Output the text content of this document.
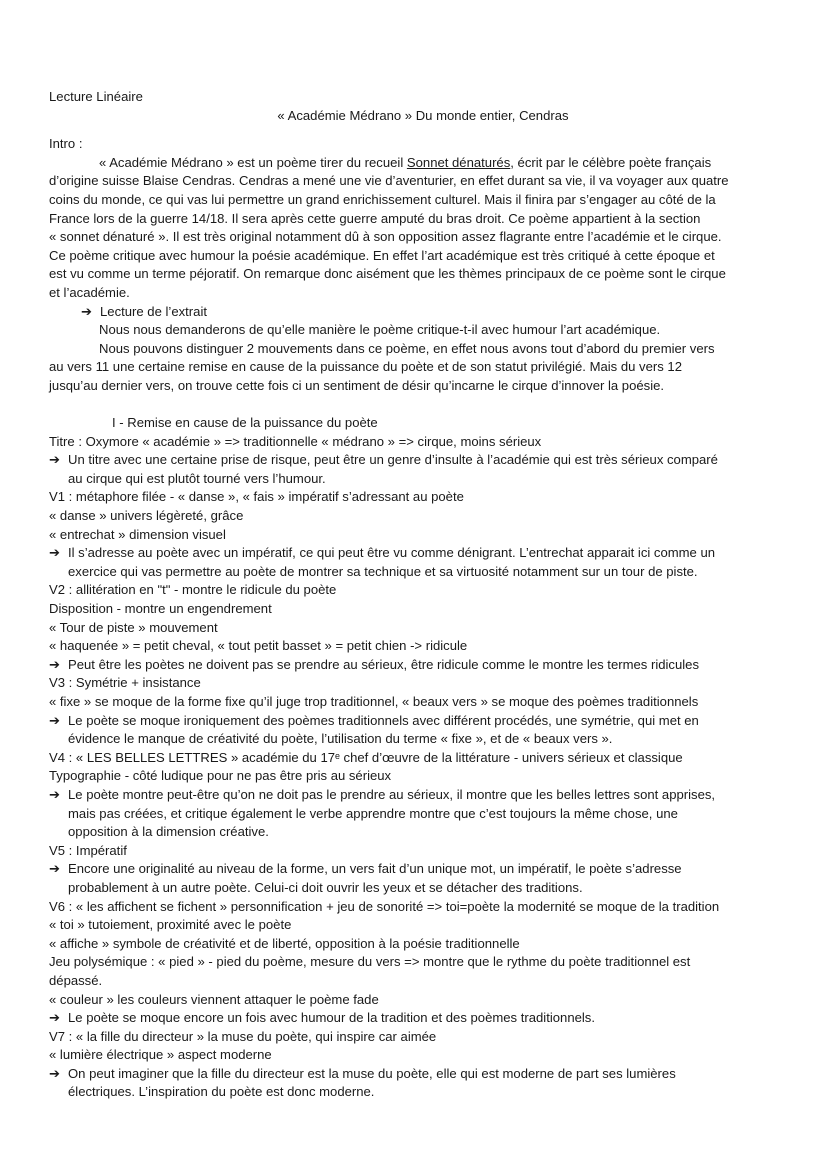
Lecture Linéaire
« Académie Médrano » Du monde entier, Cendras
Intro :
« Académie Médrano » est un poème tirer du recueil Sonnet dénaturés, écrit par le célèbre poète français
d’origine suisse Blaise Cendras. Cendras a mené une vie d’aventurier, en effet durant sa vie, il va voyager aux quatre
coins du monde, ce qui vas lui permettre un grand enrichissement culturel. Mais il finira par s’engager au côté de la
France lors de la guerre 14/18. Il sera après cette guerre amputé du bras droit. Ce poème appartient à la section
« sonnet dénaturé ». Il est très original notamment dû à son opposition assez flagrante entre l’académie et le cirque.
Ce poème critique avec humour la poésie académique. En effet l’art académique est très critiqué à cette époque et
est vu comme un terme péjoratif. On remarque donc aisément que les thèmes principaux de ce poème sont le cirque
et l’académie.
➔ Lecture de l’extrait
Nous nous demanderons de qu’elle manière le poème critique-t-il avec humour l’art académique.
Nous pouvons distinguer 2 mouvements dans ce poème, en effet nous avons tout d’abord du premier vers
au vers 11 une certaine remise en cause de la puissance du poète et de son statut privilégié. Mais du vers 12
jusqu’au dernier vers, on trouve cette fois ci un sentiment de désir qu’incarne le cirque d’innover la poésie.
I - Remise en cause de la puissance du poète
Titre : Oxymore « académie » => traditionnelle « médrano » => cirque, moins sérieux
➔ Un titre avec une certaine prise de risque, peut être un genre d’insulte à l’académie qui est très sérieux comparé
au cirque qui est plutôt tourné vers l’humour.
V1 : métaphore filée - « danse », « fais » impératif s’adressant au poète
« danse » univers légèreté, grâce
« entrechat » dimension visuel
➔ Il s’adresse au poète avec un impératif, ce qui peut être vu comme dénigrant. L’entrechat apparait ici comme un
exercice qui vas permettre au poète de montrer sa technique et sa virtuosité notamment sur un tour de piste.
V2 : allitération en ʺtʺ - montre le ridicule du poète
Disposition - montre un engendrement
« Tour de piste » mouvement
« haquenée » = petit cheval, « tout petit basset » = petit chien -> ridicule
➔ Peut être les poètes ne doivent pas se prendre au sérieux, être ridicule comme le montre les termes ridicules
V3 : Symétrie + insistance
« fixe » se moque de la forme fixe qu’il juge trop traditionnel, « beaux vers » se moque des poèmes traditionnels
➔ Le poète se moque ironiquement des poèmes traditionnels avec différent procédés, une symétrie, qui met en
évidence le manque de créativité du poète, l’utilisation du terme « fixe », et de « beaux vers ».
V4 : « LES BELLES LETTRES » académie du 17ᵉ chef d’œuvre de la littérature - univers sérieux et classique
Typographie - côté ludique pour ne pas être pris au sérieux
➔ Le poète montre peut-être qu’on ne doit pas le prendre au sérieux, il montre que les belles lettres sont apprises,
mais pas créées, et critique également le verbe apprendre montre que c’est toujours la même chose, une
opposition à la dimension créative.
V5 : Impératif
➔ Encore une originalité au niveau de la forme, un vers fait d’un unique mot, un impératif, le poète s’adresse
probablement à un autre poète. Celui-ci doit ouvrir les yeux et se détacher des traditions.
V6 : « les affichent se fichent » personnification + jeu de sonorité => toi=poète la modernité se moque de la tradition
« toi » tutoiement, proximité avec le poète
« affiche » symbole de créativité et de liberté, opposition à la poésie traditionnelle
Jeu polysémique : « pied » - pied du poème, mesure du vers => montre que le rythme du poète traditionnel est
dépassé.
« couleur » les couleurs viennent attaquer le poème fade
➔ Le poète se moque encore un fois avec humour de la tradition et des poèmes traditionnels.
V7 : « la fille du directeur » la muse du poète, qui inspire car aimée
« lumière électrique » aspect moderne
➔ On peut imaginer que la fille du directeur est la muse du poète, elle qui est moderne de part ses lumières
électriques. L’inspiration du poète est donc moderne.
